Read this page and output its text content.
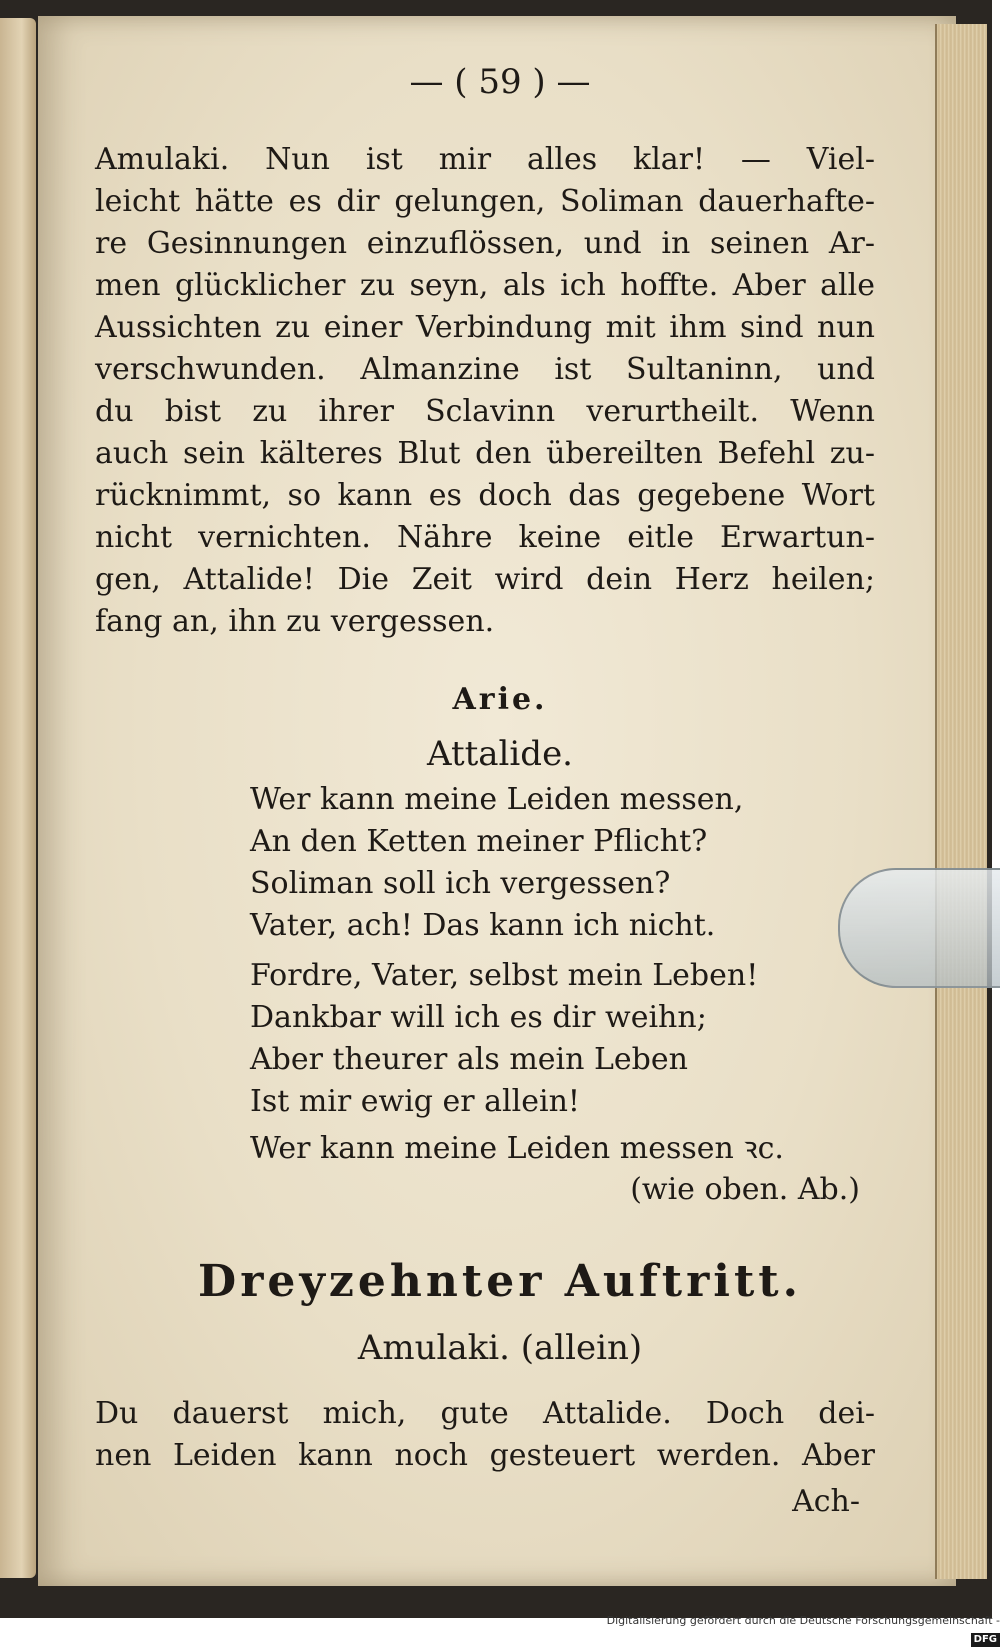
— ( 59 ) —
Amulaki. Nun ist mir alles klar! — Viel-
leicht hätte es dir gelungen, Soliman dauerhafte-
re Gesinnungen einzuflössen, und in seinen Ar-
men glücklicher zu seyn, als ich hoffte. Aber alle
Aussichten zu einer Verbindung mit ihm sind nun
verschwunden. Almanzine ist Sultaninn, und
du bist zu ihrer Sclavinn verurtheilt. Wenn
auch sein kälteres Blut den übereilten Befehl zu-
rücknimmt, so kann es doch das gegebene Wort
nicht vernichten. Nähre keine eitle Erwartun-
gen, Attalide! Die Zeit wird dein Herz heilen;
fang an, ihn zu vergessen.
Arie.
Attalide.
Wer kann meine Leiden messen,
An den Ketten meiner Pflicht?
Soliman soll ich vergessen?
Vater, ach! Das kann ich nicht.
Fordre, Vater, selbst mein Leben!
Dankbar will ich es dir weihn;
Aber theurer als mein Leben
Ist mir ewig er allein!
Wer kann meine Leiden messen ꝛc.
(wie oben. Ab.)
Dreyzehnter Auftritt.
Amulaki. (allein)
Du dauerst mich, gute Attalide. Doch dei-
nen Leiden kann noch gesteuert werden. Aber
Ach-
Digitalisierung gefördert durch die Deutsche Forschungsgemeinschaft -DFG
